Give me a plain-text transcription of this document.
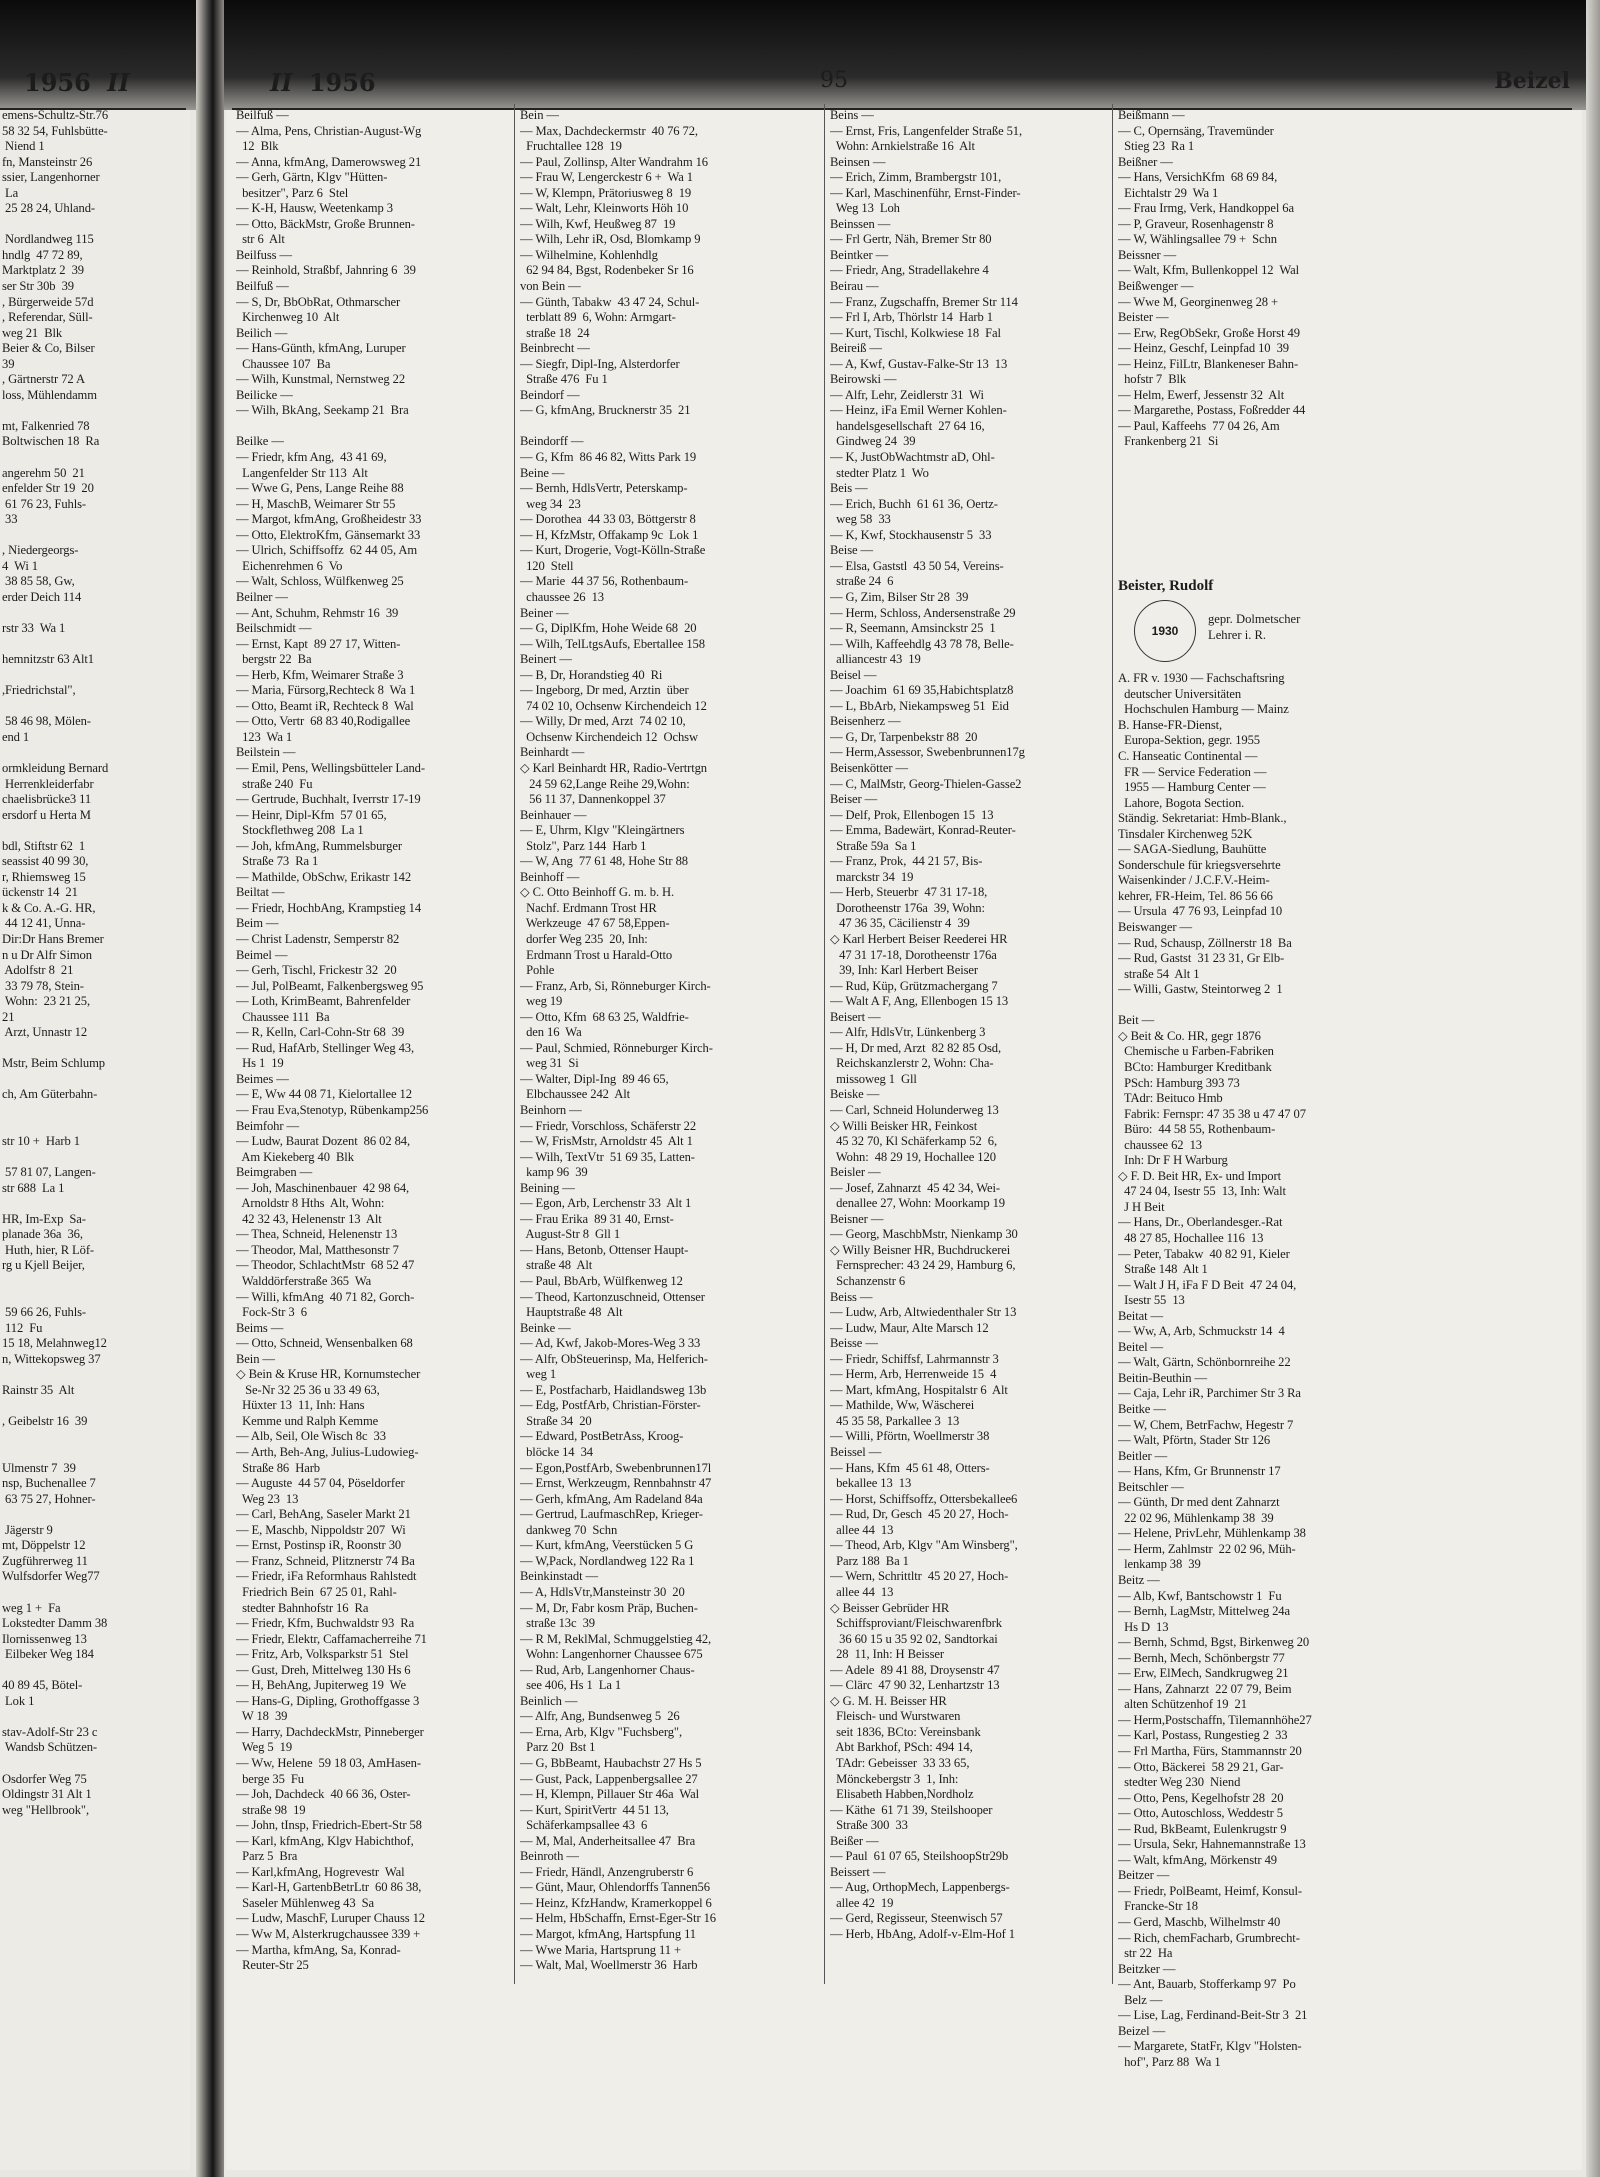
1956 II	II 1956	95	Beizel
emens-Schultz-Str.76
58 32 54, Fuhlsbütte-
Niend 1
fn, Mansteinstr 26
ssier, Langenhorner
La
25 28 24, Uhland-

Nordlandweg 115
hndlg  47 72 89,
Marktplatz 2  39
ser Str 30b  39
, Bürgerweide 57d
, Referendar, Süll-
weg 21  Blk
Beier & Co, Bilser
39
, Gärtnerstr 72 A
loss, Mühlendamm

mt, Falkenried 78
Boltwischen 18  Ra

angerehm 50  21
enfelder Str 19  20
61 76 23, Fuhls-
33

, Niedergeorgs-
4  Wi 1
38 85 58, Gw,
erder Deich 114

rstr 33  Wa 1

hemnitzstr 63 Alt1

,Friedrichstal",

58 46 98, Mölen-
end 1

ormkleidung Bernard
Herrenkleiderfabr
chaelisbrücke3 11
ersdorf u Herta M

bdl, Stiftstr 62  1
seassist 40 99 30,
r, Rhiemsweg 15
ückenstr 14  21
k & Co. A.-G. HR,
44 12 41, Unna-
Dir:Dr Hans Bremer
n u Dr Alfr Simon
Adolfstr 8  21
33 79 78, Stein-
Wohn:  23 21 25,
21
Arzt, Unnastr 12

Mstr, Beim Schlump

ch, Am Güterbahn-

str 10 +  Harb 1

57 81 07, Langen-
str 688  La 1

HR, Im-Exp  Sa-
planade 36a  36,
Huth, hier, R Löf-
rg u Kjell Beijer,

59 66 26, Fuhls-
112  Fu
15 18, Melahnweg12
n, Wittekopsweg 37

Rainstr 35  Alt

, Geibelstr 16  39

Ulmenstr 7  39
nsp, Buchenallee 7
63 75 27, Hohner-

Jägerstr 9
mt, Döppelstr 12
Zugführerweg 11
Wulfsdorfer Weg77

weg 1 +  Fa
Lokstedter Damm 38
Ilornissenweg 13
Eilbeker Weg 184

40 89 45, Bötel-
Lok 1

stav-Adolf-Str 23 c
Wandsb Schützen-

Osdorfer Weg 75
Oldingstr 31 Alt 1
weg "Hellbrook",

Beilfuß —
— Alma, Pens, Christian-August-Wg
12  Blk
— Anna, kfmAng, Damerowsweg 21
— Gerh, Gärtn, Klgv "Hütten-
besitzer", Parz 6  Stel
— K-H, Hausw, Weetenkamp 3
— Otto, BäckMstr, Große Brunnen-
str 6  Alt
Beilfuss —
— Reinhold, Straßbf, Jahnring 6  39
Beilfuß —
— S, Dr, BbObRat, Othmarscher
Kirchenweg 10  Alt
Beilich —
— Hans-Günth, kfmAng, Luruper
Chaussee 107  Ba
— Wilh, Kunstmal, Nernstweg 22
Beilicke —
— Wilh, BkAng, Seekamp 21  Bra

Beilke —
— Friedr, kfm Ang,  43 41 69,
Langenfelder Str 113  Alt
— Wwe G, Pens, Lange Reihe 88
— H, MaschB, Weimarer Str 55
— Margot, kfmAng, Großheidestr 33
— Otto, ElektroKfm, Gänsemarkt 33
— Ulrich, Schiffsoffz  62 44 05, Am
Eichenrehmen 6  Vo
— Walt, Schloss, Wülfkenweg 25
Beilner —
— Ant, Schuhm, Rehmstr 16  39
Beilschmidt —
— Ernst, Kapt  89 27 17, Witten-
bergstr 22  Ba
— Herb, Kfm, Weimarer Straße 3
— Maria, Fürsorg,Rechteck 8  Wa 1
— Otto, Beamt iR, Rechteck 8  Wal
— Otto, Vertr  68 83 40,Rodigallee
123  Wa 1
Beilstein —
— Emil, Pens, Wellingsbütteler Land-
straße 240  Fu
— Gertrude, Buchhalt, Iverrstr 17-19
— Heinr, Dipl-Kfm  57 01 65,
Stockflethweg 208  La 1
— Joh, kfmAng, Rummelsburger
Straße 73  Ra 1
— Mathilde, ObSchw, Erikastr 142
Beiltat —
— Friedr, HochbAng, Krampstieg 14
Beim —
— Christ Ladenstr, Semperstr 82
Beimel —
— Gerh, Tischl, Frickestr 32  20
— Jul, PolBeamt, Falkenbergsweg 95
— Loth, KrimBeamt, Bahrenfelder
Chaussee 111  Ba
— R, Kelln, Carl-Cohn-Str 68  39
— Rud, HafArb, Stellinger Weg 43,
Hs 1  19
Beimes —
— E, Ww 44 08 71, Kielortallee 12
— Frau Eva,Stenotyp, Rübenkamp256
Beimfohr —
— Ludw, Baurat Dozent  86 02 84,
Am Kiekeberg 40  Blk
Beimgraben —
— Joh, Maschinenbauer  42 98 64,
Arnoldstr 8 Hths  Alt, Wohn:
42 32 43, Helenenstr 13  Alt
— Thea, Schneid, Helenenstr 13
— Theodor, Mal, Matthesonstr 7
— Theodor, SchlachtMstr  68 52 47
Walddörferstraße 365  Wa
— Willi, kfmAng  40 71 82, Gorch-
Fock-Str 3  6
Beims —
— Otto, Schneid, Wensenbalken 68
Bein —
◇ Bein & Kruse HR, Kornumstecher
Se-Nr 32 25 36 u 33 49 63,
Hüxter 13  11, Inh: Hans
Kemme und Ralph Kemme
— Alb, Seil, Ole Wisch 8c  33
— Arth, Beh-Ang, Julius-Ludowieg-
Straße 86  Harb
— Auguste  44 57 04, Pöseldorfer
Weg 23  13
— Carl, BehAng, Saseler Markt 21
— E, Maschb, Nippoldstr 207  Wi
— Ernst, Postinsp iR, Roonstr 30
— Franz, Schneid, Plitznerstr 74 Ba
— Friedr, iFa Reformhaus Rahlstedt
Friedrich Bein  67 25 01, Rahl-
stedter Bahnhofstr 16  Ra
— Friedr, Kfm, Buchwaldstr 93  Ra
— Friedr, Elektr, Caffamacherreihe 71
— Fritz, Arb, Volksparkstr 51  Stel
— Gust, Dreh, Mittelweg 130 Hs 6
— H, BehAng, Jupiterweg 19  We
— Hans-G, Dipling, Grothoffgasse 3
W 18  39
— Harry, DachdeckMstr, Pinneberger
Weg 5  19
— Ww, Helene  59 18 03, AmHasen-
berge 35  Fu
— Joh, Dachdeck  40 66 36, Oster-
straße 98  19
— John, tInsp, Friedrich-Ebert-Str 58
— Karl, kfmAng, Klgv Habichthof,
Parz 5  Bra
— Karl,kfmAng, Hogrevestr  Wal
— Karl-H, GartenbBetrLtr  60 86 38,
Saseler Mühlenweg 43  Sa
— Ludw, MaschF, Luruper Chauss 12
— Ww M, Alsterkrugchaussee 339 +
— Martha, kfmAng, Sa, Konrad-
Reuter-Str 25
Bein —
— Max, Dachdeckermstr  40 76 72,
Fruchtallee 128  19
— Paul, Zollinsp, Alter Wandrahm 16
— Frau W, Lengerckestr 6 +  Wa 1
— W, Klempn, Prätoriusweg 8  19
— Walt, Lehr, Kleinworts Höh 10
— Wilh, Kwf, Heußweg 87  19
— Wilh, Lehr iR, Osd, Blomkamp 9
— Wilhelmine, Kohlenhdlg
62 94 84, Bgst, Rodenbeker Sr 16
von Bein —
— Günth, Tabakw  43 47 24, Schul-
terblatt 89  6, Wohn: Armgart-
straße 18  24
Beinbrecht —
— Siegfr, Dipl-Ing, Alsterdorfer
Straße 476  Fu 1
Beindorf —
— G, kfmAng, Brucknerstr 35  21

Beindorff —
— G, Kfm  86 46 82, Witts Park 19
Beine —
— Bernh, HdlsVertr, Peterskamp-
weg 34  23
— Dorothea  44 33 03, Böttgerstr 8
— H, KfzMstr, Offakamp 9c  Lok 1
— Kurt, Drogerie, Vogt-Kölln-Straße
120  Stell
— Marie  44 37 56, Rothenbaum-
chaussee 26  13
Beiner —
— G, DiplKfm, Hohe Weide 68  20
— Wilh, TelLtgsAufs, Ebertallee 158
Beinert —
— B, Dr, Horandstieg 40  Ri
— Ingeborg, Dr med, Arztin  über
74 02 10, Ochsenw Kirchendeich 12
— Willy, Dr med, Arzt  74 02 10,
Ochsenw Kirchendeich 12  Ochsw
Beinhardt —
◇ Karl Beinhardt HR, Radio-Vertrtgn
24 59 62,Lange Reihe 29,Wohn:
56 11 37, Dannenkoppel 37
Beinhauer —
— E, Uhrm, Klgv "Kleingärtners
Stolz", Parz 144  Harb 1
— W, Ang  77 61 48, Hohe Str 88
Beinhoff —
◇ C. Otto Beinhoff G. m. b. H.
Nachf. Erdmann Trost HR
Werkzeuge  47 67 58,Eppen-
dorfer Weg 235  20, Inh:
Erdmann Trost u Harald-Otto
Pohle
— Franz, Arb, Si, Rönneburger Kirch-
weg 19
— Otto, Kfm  68 63 25, Waldfrie-
den 16  Wa
— Paul, Schmied, Rönneburger Kirch-
weg 31  Si
— Walter, Dipl-Ing  89 46 65,
Elbchaussee 242  Alt
Beinhorn —
— Friedr, Vorschloss, Schäferstr 22
— W, FrisMstr, Arnoldstr 45  Alt 1
— Wilh, TextVtr  51 69 35, Latten-
kamp 96  39
Beining —
— Egon, Arb, Lerchenstr 33  Alt 1
— Frau Erika  89 31 40, Ernst-
August-Str 8  Gll 1
— Hans, Betonb, Ottenser Haupt-
straße 48  Alt
— Paul, BbArb, Wülfkenweg 12
— Theod, Kartonzuschneid, Ottenser
Hauptstraße 48  Alt
Beinke —
— Ad, Kwf, Jakob-Mores-Weg 3 33
— Alfr, ObSteuerinsp, Ma, Helferich-
weg 1
— E, Postfacharb, Haidlandsweg 13b
— Edg, PostfArb, Christian-Förster-
Straße 34  20
— Edward, PostBetrAss, Kroog-
blöcke 14  34
— Egon,PostfArb, Swebenbrunnen17l
— Ernst, Werkzeugm, Rennbahnstr 47
— Gerh, kfmAng, Am Radeland 84a
— Gertrud, LaufmaschRep, Krieger-
dankweg 70  Schn
— Kurt, kfmAng, Veerstücken 5 G
— W,Pack, Nordlandweg 122 Ra 1
Beinkinstadt —
— A, HdlsVtr,Mansteinstr 30  20
— M, Dr, Fabr kosm Präp, Buchen-
straße 13c  39
— R M, ReklMal, Schmuggelstieg 42,
Wohn: Langenhorner Chaussee 675
— Rud, Arb, Langenhorner Chaus-
see 406, Hs 1  La 1
Beinlich —
— Alfr, Ang, Bundsenweg 5  26
— Erna, Arb, Klgv "Fuchsberg",
Parz 20  Bst 1
— G, BbBeamt, Haubachstr 27 Hs 5
— Gust, Pack, Lappenbergsallee 27
— H, Klempn, Pillauer Str 46a  Wal
— Kurt, SpiritVertr  44 51 13,
Schäferkampsallee 43  6
— M, Mal, Anderheitsallee 47  Bra
Beinroth —
— Friedr, Händl, Anzengruberstr 6
— Günt, Maur, Ohlendorffs Tannen56
— Heinz, KfzHandw, Kramerkoppel 6
— Helm, HbSchaffn, Ernst-Eger-Str 16
— Margot, kfmAng, Hartspfung 11
— Wwe Maria, Hartsprung 11 +
— Walt, Mal, Woellmerstr 36  Harb
Beins —
— Ernst, Fris, Langenfelder Straße 51,
Wohn: Arnkielstraße 16  Alt
Beinsen —
— Erich, Zimm, Brambergstr 101,
— Karl, Maschinenführ, Ernst-Finder-
Weg 13  Loh
Beinssen —
— Frl Gertr, Näh, Bremer Str 80
Beintker —
— Friedr, Ang, Stradellakehre 4
Beirau —
— Franz, Zugschaffn, Bremer Str 114
— Frl I, Arb, Thörlstr 14  Harb 1
— Kurt, Tischl, Kolkwiese 18  Fal
Beireiß —
— A, Kwf, Gustav-Falke-Str 13  13
Beirowski —
— Alfr, Lehr, Zeidlerstr 31  Wi
— Heinz, iFa Emil Werner Kohlen-
handelsgesellschaft  27 64 16,
Gindweg 24  39
— K, JustObWachtmstr aD, Ohl-
stedter Platz 1  Wo
Beis —
— Erich, Buchh  61 61 36, Oertz-
weg 58  33
— K, Kwf, Stockhausenstr 5  33
Beise —
— Elsa, Gaststl  43 50 54, Vereins-
straße 24  6
— G, Zim, Bilser Str 28  39
— Herm, Schloss, Andersenstraße 29
— R, Seemann, Amsinckstr 25  1
— Wilh, Kaffeehdlg 43 78 78, Belle-
alliancestr 43  19
Beisel —
— Joachim  61 69 35,Habichtsplatz8
— L, BbArb, Niekampsweg 51  Eid
Beisenherz —
— G, Dr, Tarpenbekstr 88  20
— Herm,Assessor, Swebenbrunnen17g
Beisenkötter —
— C, MalMstr, Georg-Thielen-Gasse2
Beiser —
— Delf, Prok, Ellenbogen 15  13
— Emma, Badewärt, Konrad-Reuter-
Straße 59a  Sa 1
— Franz, Prok,  44 21 57, Bis-
marckstr 34  19
— Herb, Steuerbr  47 31 17-18,
Dorotheenstr 176a  39, Wohn:
47 36 35, Cäcilienstr 4  39
◇ Karl Herbert Beiser Reederei HR
47 31 17-18, Dorotheenstr 176a
39, Inh: Karl Herbert Beiser
— Rud, Küp, Grützmachergang 7
— Walt A F, Ang, Ellenbogen 15 13
Beisert —
— Alfr, HdlsVtr, Lünkenberg 3
— H, Dr med, Arzt  82 82 85 Osd,
Reichskanzlerstr 2, Wohn: Cha-
missoweg 1  Gll
Beiske —
— Carl, Schneid Holunderweg 13
◇ Willi Beisker HR, Feinkost
45 32 70, Kl Schäferkamp 52  6,
Wohn:  48 29 19, Hochallee 120
Beisler —
— Josef, Zahnarzt  45 42 34, Wei-
denallee 27, Wohn: Moorkamp 19
Beisner —
— Georg, MaschbMstr, Nienkamp 30
◇ Willy Beisner HR, Buchdruckerei
Fernsprecher: 43 24 29, Hamburg 6,
Schanzenstr 6
Beiss —
— Ludw, Arb, Altwiedenthaler Str 13
— Ludw, Maur, Alte Marsch 12
Beisse —
— Friedr, Schiffsf, Lahrmannstr 3
— Herm, Arb, Herrenweide 15  4
— Mart, kfmAng, Hospitalstr 6  Alt
— Mathilde, Ww, Wäscherei
45 35 58, Parkallee 3  13
— Willi, Pförtn, Woellmerstr 38
Beissel —
— Hans, Kfm  45 61 48, Otters-
bekallee 13  13
— Horst, Schiffsoffz, Ottersbekallee6
— Rud, Dr, Gesch  45 20 27, Hoch-
allee 44  13
— Theod, Arb, Klgv "Am Winsberg",
Parz 188  Ba 1
— Wern, Schrittltr  45 20 27, Hoch-
allee 44  13
◇ Beisser Gebrüder HR
Schiffsproviant/Fleischwarenfbrk
36 60 15 u 35 92 02, Sandtorkai
28  11, Inh: H Beisser
— Adele  89 41 88, Droysenstr 47
— Clärc  47 90 32, Lenhartzstr 13
◇ G. M. H. Beisser HR
Fleisch- und Wurstwaren
seit 1836, BCto: Vereinsbank
Abt Barkhof, PSch: 494 14,
TAdr: Gebeisser  33 33 65,
Mönckebergstr 3  1, Inh:
Elisabeth Habben,Nordholz
— Käthe  61 71 39, Steilshooper
Straße 300  33
Beißer —
— Paul  61 07 65, SteilshoopStr29b
Beissert —
— Aug, OrthopMech, Lappenbergs-
allee 42  19
— Gerd, Regisseur, Steenwisch 57
— Herb, HbAng, Adolf-v-Elm-Hof 1
Beißmann —
— C, Opernsäng, Travemünder
Stieg 23  Ra 1
Beißner —
— Hans, VersichKfm  68 69 84,
Eichtalstr 29  Wa 1
— Frau Irmg, Verk, Handkoppel 6a
— P, Graveur, Rosenhagenstr 8
— W, Wählingsallee 79 +  Schn
Beissner —
— Walt, Kfm, Bullenkoppel 12  Wal
Beißwenger —
— Wwe M, Georginenweg 28 +
Beister —
— Erw, RegObSekr, Große Horst 49
— Heinz, Geschf, Leinpfad 10  39
— Heinz, FilLtr, Blankeneser Bahn-
hofstr 7  Blk
— Helm, Ewerf, Jessenstr 32  Alt
— Margarethe, Postass, Foßredder 44
— Paul, Kaffeehs  77 04 26, Am
Frankenberg 21  Si

Beister, Rudolf
1930
gepr. Dolmetscher
Lehrer i. R.

A. FR v. 1930 — Fachschaftsring
deutscher Universitäten
Hochschulen Hamburg — Mainz
B. Hanse-FR-Dienst,
Europa-Sektion, gegr. 1955
C. Hanseatic Continental —
FR — Service Federation —
1955 — Hamburg Center —
Lahore, Bogota Section.
Ständig. Sekretariat: Hmb-Blank.,
Tinsdaler Kirchenweg 52K
— SAGA-Siedlung, Bauhütte
Sonderschule für kriegsversehrte
Waisenkinder / J.C.F.V.-Heim-
kehrer, FR-Heim, Tel. 86 56 66
— Ursula  47 76 93, Leinpfad 10
Beiswanger —
— Rud, Schausp, Zöllnerstr 18  Ba
— Rud, Gastst  31 23 31, Gr Elb-
straße 54  Alt 1
— Willi, Gastw, Steintorweg 2  1

Beit —
◇ Beit & Co. HR, gegr 1876
Chemische u Farben-Fabriken
BCto: Hamburger Kreditbank
PSch: Hamburg 393 73
TAdr: Beituco Hmb
Fabrik: Fernspr: 47 35 38 u 47 47 07
Büro:  44 58 55, Rothenbaum-
chaussee 62  13
Inh: Dr F H Warburg
◇ F. D. Beit HR, Ex- und Import
47 24 04, Isestr 55  13, Inh: Walt
J H Beit
— Hans, Dr., Oberlandesger.-Rat
48 27 85, Hochallee 116  13
— Peter, Tabakw  40 82 91, Kieler
Straße 148  Alt 1
— Walt J H, iFa F D Beit  47 24 04,
Isestr 55  13
Beitat —
— Ww, A, Arb, Schmuckstr 14  4
Beitel —
— Walt, Gärtn, Schönbornreihe 22
Beitin-Beuthin —
— Caja, Lehr iR, Parchimer Str 3 Ra
Beitke —
— W, Chem, BetrFachw, Hegestr 7
— Walt, Pförtn, Stader Str 126
Beitler —
— Hans, Kfm, Gr Brunnenstr 17
Beitschler —
— Günth, Dr med dent Zahnarzt
22 02 96, Mühlenkamp 38  39
— Helene, PrivLehr, Mühlenkamp 38
— Herm, Zahlmstr  22 02 96, Müh-
lenkamp 38  39
Beitz —
— Alb, Kwf, Bantschowstr 1  Fu
— Bernh, LagMstr, Mittelweg 24a
Hs D  13
— Bernh, Schmd, Bgst, Birkenweg 20
— Bernh, Mech, Schönbergstr 77
— Erw, ElMech, Sandkrugweg 21
— Hans, Zahnarzt  22 07 79, Beim
alten Schützenhof 19  21
— Herm,Postschaffn, Tilemannhöhe27
— Karl, Postass, Rungestieg 2  33
— Frl Martha, Fürs, Stammannstr 20
— Otto, Bäckerei  58 29 21, Gar-
stedter Weg 230  Niend
— Otto, Pens, Kegelhofstr 28  20
— Otto, Autoschloss, Weddestr 5
— Rud, BkBeamt, Eulenkrugstr 9
— Ursula, Sekr, Hahnemannstraße 13
— Walt, kfmAng, Mörkenstr 49
Beitzer —
— Friedr, PolBeamt, Heimf, Konsul-
Francke-Str 18
— Gerd, Maschb, Wilhelmstr 40
— Rich, chemFacharb, Grumbrecht-
str 22  Ha
Beitzker —
— Ant, Bauarb, Stofferkamp 97  Po
Belz —
— Lise, Lag, Ferdinand-Beit-Str 3  21
Beizel —
— Margarete, StatFr, Klgv "Holsten-
hof", Parz 88  Wa 1
